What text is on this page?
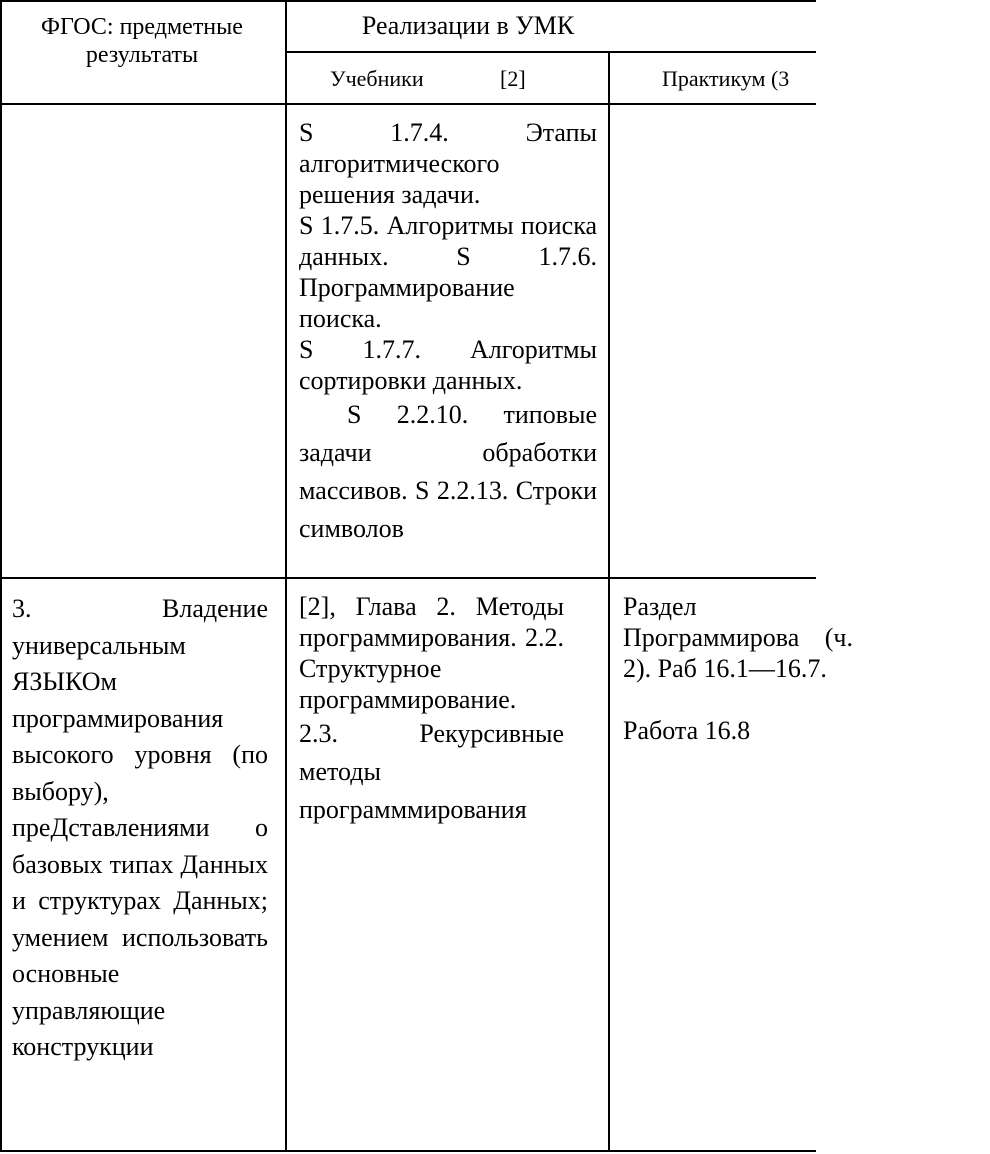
ФГОС: предметные результаты
Реализации в УМК
Учебники	[2]	Практикум (3

S 1.7.4. Этапы алгоритмического решения задачи.

S 1.7.5. Алгоритмы поиска данных. S 1.7.6. Программирование поиска.

S 1.7.7. Алгоритмы сортировки данных.

S 2.2.10. типовые задачи обработки массивов. S 2.2.13. Строки символов

3. Владение универсальным ЯЗЫКОм программирования высокого уровня (по выбору), преДставлениями о базовых типах Данных и структурах Данных; умением использовать основные управляющие конструкции

[2], Глава 2. Методы программирования. 2.2. Структурное программирование.

2.3. Рекурсивные методы программмирования

Раздел Программирова (ч. 2). Раб 16.1—16.7.

Работа 16.8
